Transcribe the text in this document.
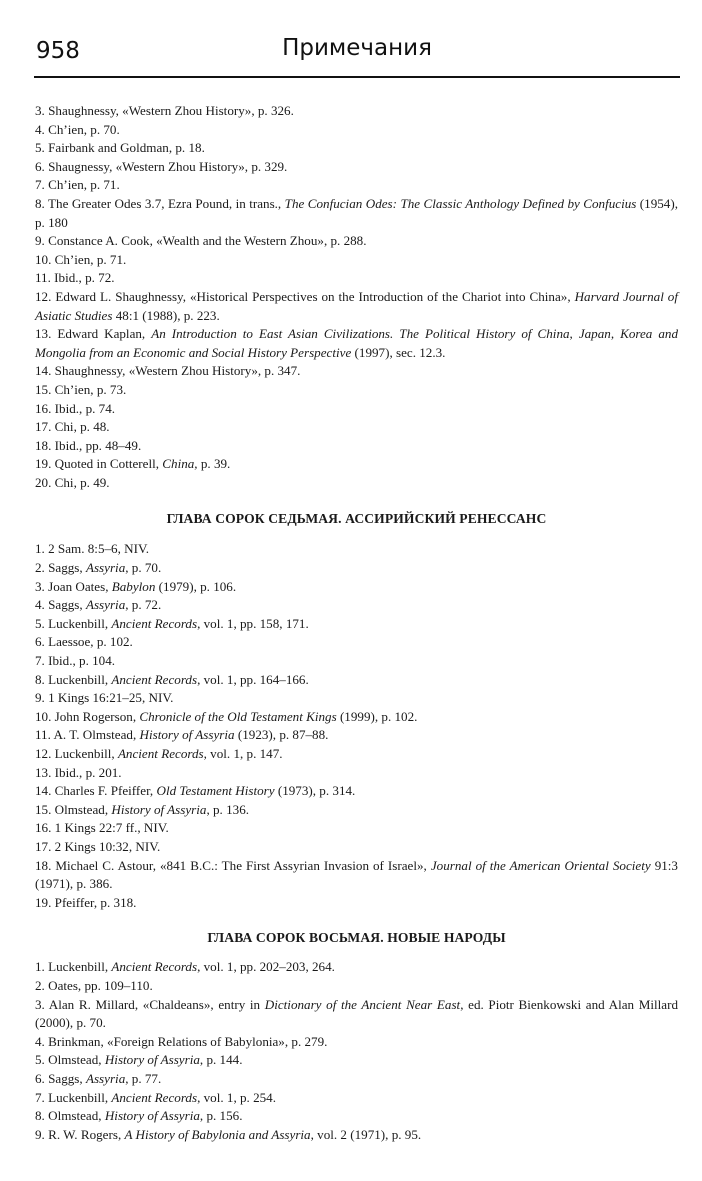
958	Примечания

3. Shaughnessy, «Western Zhou History», p. 326.

4. Ch’ien, p. 70.

5. Fairbank and Goldman, p. 18.

6. Shaugnessy, «Western Zhou History», p. 329.

7. Ch’ien, p. 71.

8. The Greater Odes 3.7, Ezra Pound, in trans., The Confucian Odes: The Classic Anthology Defined by Confucius (1954), p. 180

9. Constance A. Cook, «Wealth and the Western Zhou», p. 288.

10. Ch’ien, p. 71.

11. Ibid., p. 72.

12. Edward L. Shaughnessy, «Historical Perspectives on the Introduction of the Chariot into China», Harvard Journal of Asiatic Studies 48:1 (1988), p. 223.

13. Edward Kaplan, An Introduction to East Asian Civilizations. The Political History of China, Japan, Korea and Mongolia from an Economic and Social History Perspective (1997), sec. 12.3.

14. Shaughnessy, «Western Zhou History», p. 347.

15. Ch’ien, p. 73.

16. Ibid., p. 74.

17. Chi, p. 48.

18. Ibid., pp. 48–49.

19. Quoted in Cotterell, China, p. 39.

20. Chi, p. 49.

ГЛАВА СОРОК СЕДЬМАЯ. АССИРИЙСКИЙ РЕНЕССАНС

1. 2 Sam. 8:5–6, NIV.

2. Saggs, Assyria, p. 70.

3. Joan Oates, Babylon (1979), p. 106.

4. Saggs, Assyria, p. 72.

5. Luckenbill, Ancient Records, vol. 1, pp. 158, 171.

6. Laessoe, p. 102.

7. Ibid., p. 104.

8. Luckenbill, Ancient Records, vol. 1, pp. 164–166.

9. 1 Kings 16:21–25, NIV.

10. John Rogerson, Chronicle of the Old Testament Kings (1999), p. 102.

11. A. T. Olmstead, History of Assyria (1923), p. 87–88.

12. Luckenbill, Ancient Records, vol. 1, p. 147.

13. Ibid., p. 201.

14. Charles F. Pfeiffer, Old Testament History (1973), p. 314.

15. Olmstead, History of Assyria, p. 136.

16. 1 Kings 22:7 ff., NIV.

17. 2 Kings 10:32, NIV.

18. Michael C. Astour, «841 B.C.: The First Assyrian Invasion of Israel», Journal of the American Oriental Society 91:3 (1971), p. 386.

19. Pfeiffer, p. 318.

ГЛАВА СОРОК ВОСЬМАЯ. НОВЫЕ НАРОДЫ

1. Luckenbill, Ancient Records, vol. 1, pp. 202–203, 264.

2. Oates, pp. 109–110.

3. Alan R. Millard, «Chaldeans», entry in Dictionary of the Ancient Near East, ed. Piotr Bienkowski and Alan Millard (2000), p. 70.

4. Brinkman, «Foreign Relations of Babylonia», p. 279.

5. Olmstead, History of Assyria, p. 144.

6. Saggs, Assyria, p. 77.

7. Luckenbill, Ancient Records, vol. 1, p. 254.

8. Olmstead, History of Assyria, p. 156.

9. R. W. Rogers, A History of Babylonia and Assyria, vol. 2 (1971), p. 95.
